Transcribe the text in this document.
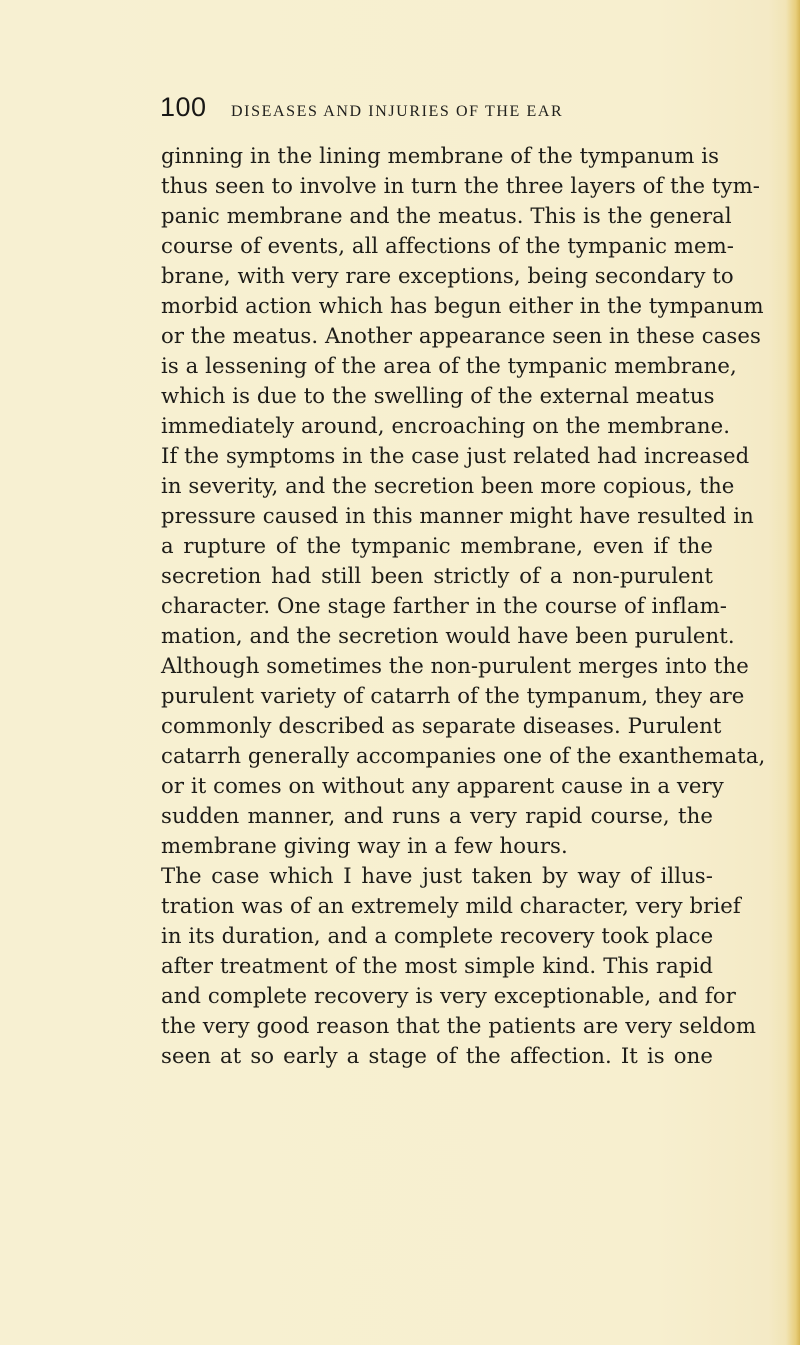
100	DISEASES AND INJURIES OF THE EAR
ginning in the lining membrane of the tympanum is
thus seen to involve in turn the three layers of the tym-
panic membrane and the meatus. This is the general
course of events, all affections of the tympanic mem-
brane, with very rare exceptions, being secondary to
morbid action which has begun either in the tympanum
or the meatus. Another appearance seen in these cases
is a lessening of the area of the tympanic membrane,
which is due to the swelling of the external meatus
immediately around, encroaching on the membrane.
If the symptoms in the case just related had increased
in severity, and the secretion been more copious, the
pressure caused in this manner might have resulted in
a rupture of the tympanic membrane, even if the
secretion had still been strictly of a non-purulent
character. One stage farther in the course of inflam-
mation, and the secretion would have been purulent.
Although sometimes the non-purulent merges into the
purulent variety of catarrh of the tympanum, they are
commonly described as separate diseases. Purulent
catarrh generally accompanies one of the exanthemata,
or it comes on without any apparent cause in a very
sudden manner, and runs a very rapid course, the
membrane giving way in a few hours.
The case which I have just taken by way of illus-
tration was of an extremely mild character, very brief
in its duration, and a complete recovery took place
after treatment of the most simple kind. This rapid
and complete recovery is very exceptionable, and for
the very good reason that the patients are very seldom
seen at so early a stage of the affection. It is one
